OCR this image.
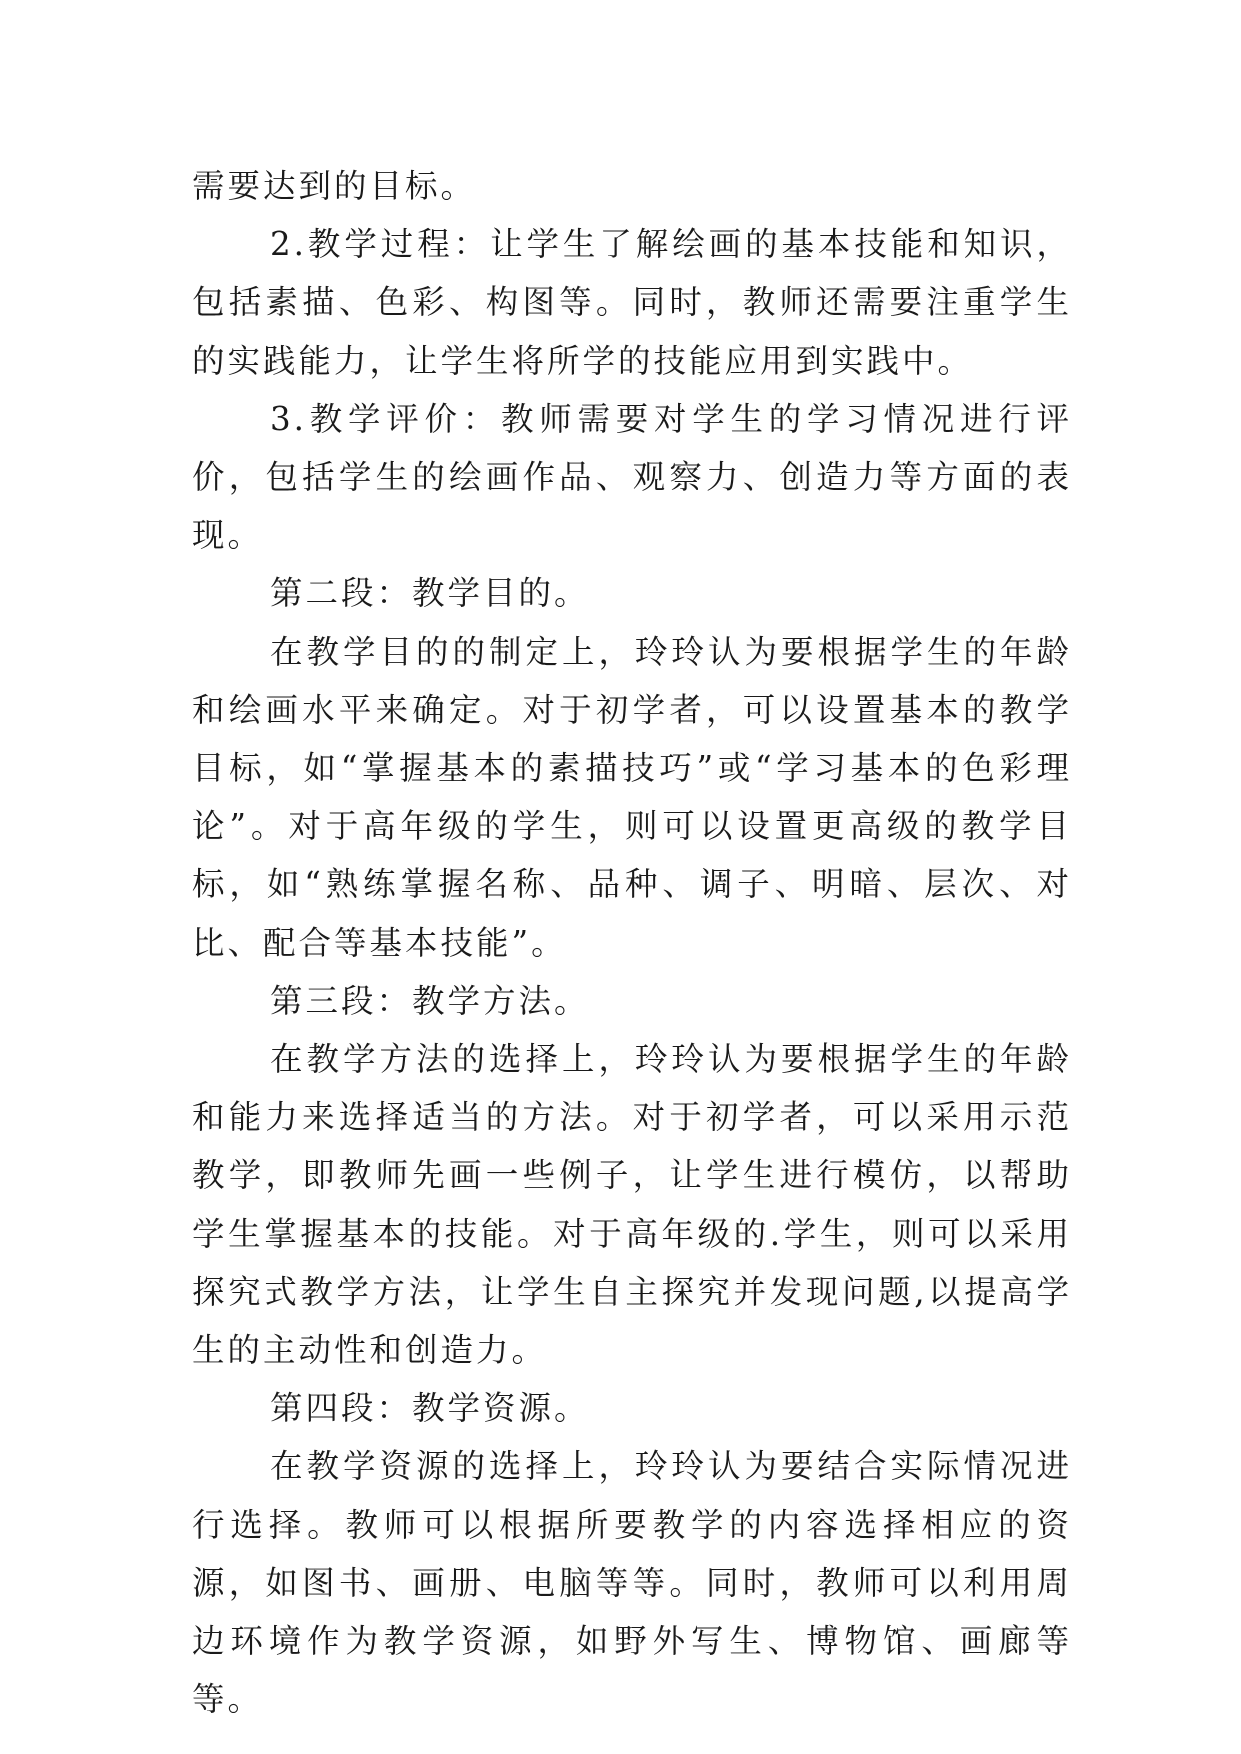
需要达到的目标。

2.教学过程：让学生了解绘画的基本技能和知识，包括素描、色彩、构图等。同时，教师还需要注重学生的实践能力，让学生将所学的技能应用到实践中。

3.教学评价：教师需要对学生的学习情况进行评价，包括学生的绘画作品、观察力、创造力等方面的表现。

第二段：教学目的。

在教学目的的制定上，玲玲认为要根据学生的年龄和绘画水平来确定。对于初学者，可以设置基本的教学目标，如“掌握基本的素描技巧”或“学习基本的色彩理论”。对于高年级的学生，则可以设置更高级的教学目标，如“熟练掌握名称、品种、调子、明暗、层次、对比、配合等基本技能”。

第三段：教学方法。

在教学方法的选择上，玲玲认为要根据学生的年龄和能力来选择适当的方法。对于初学者，可以采用示范教学，即教师先画一些例子，让学生进行模仿，以帮助学生掌握基本的技能。对于高年级的.学生，则可以采用探究式教学方法，让学生自主探究并发现问题,以提高学生的主动性和创造力。

第四段：教学资源。

在教学资源的选择上，玲玲认为要结合实际情况进行选择。教师可以根据所要教学的内容选择相应的资源，如图书、画册、电脑等等。同时，教师可以利用周边环境作为教学资源，如野外写生、博物馆、画廊等等。
